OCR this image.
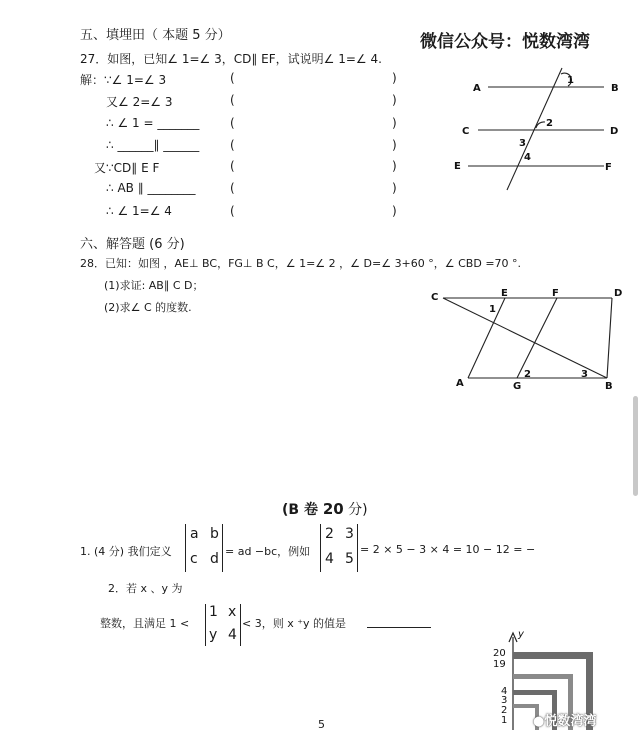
微信公众号：悦数湾湾
五、填埋田（ 本题 5 分）
27．如图，已知∠ 1=∠ 3，CD∥ EF，试说明∠ 1=∠ 4.
解：∵∠ 1=∠ 3	(	)
又∠ 2=∠ 3	(	)
∴ ∠ 1 = _______	(	)
∴ ______∥ ______	(	)
又∵CD∥ E F	(	)
∴ AB ∥ ________	(	)
∴ ∠ 1=∠ 4	(	)
A	B
C	D
E	F
1
2
3
4
C	E	F	D
A	G	B
1
2	3
y
20
19
4
3
2
1
六、解答题 (6 分)
28．已知：如图 ，AE⊥ BC，FG⊥ B C，∠ 1=∠ 2 ，∠ D=∠ 3+60 °，∠ CBD =70 °.
(1)求证: AB∥ C D；
(2)求∠ C 的度数.
(B 卷 20 分)
1. (4 分) 我们定义
a b
c d = ad −bc，例如
2 3
4 5
= 2 × 5 − 3 × 4 = 10 − 12 = −
2．若 x 、y 为
整数，且满足 1 <
1 x
y 4
< 3，则 x ⁺y 的值是
5	●悦数湾湾
